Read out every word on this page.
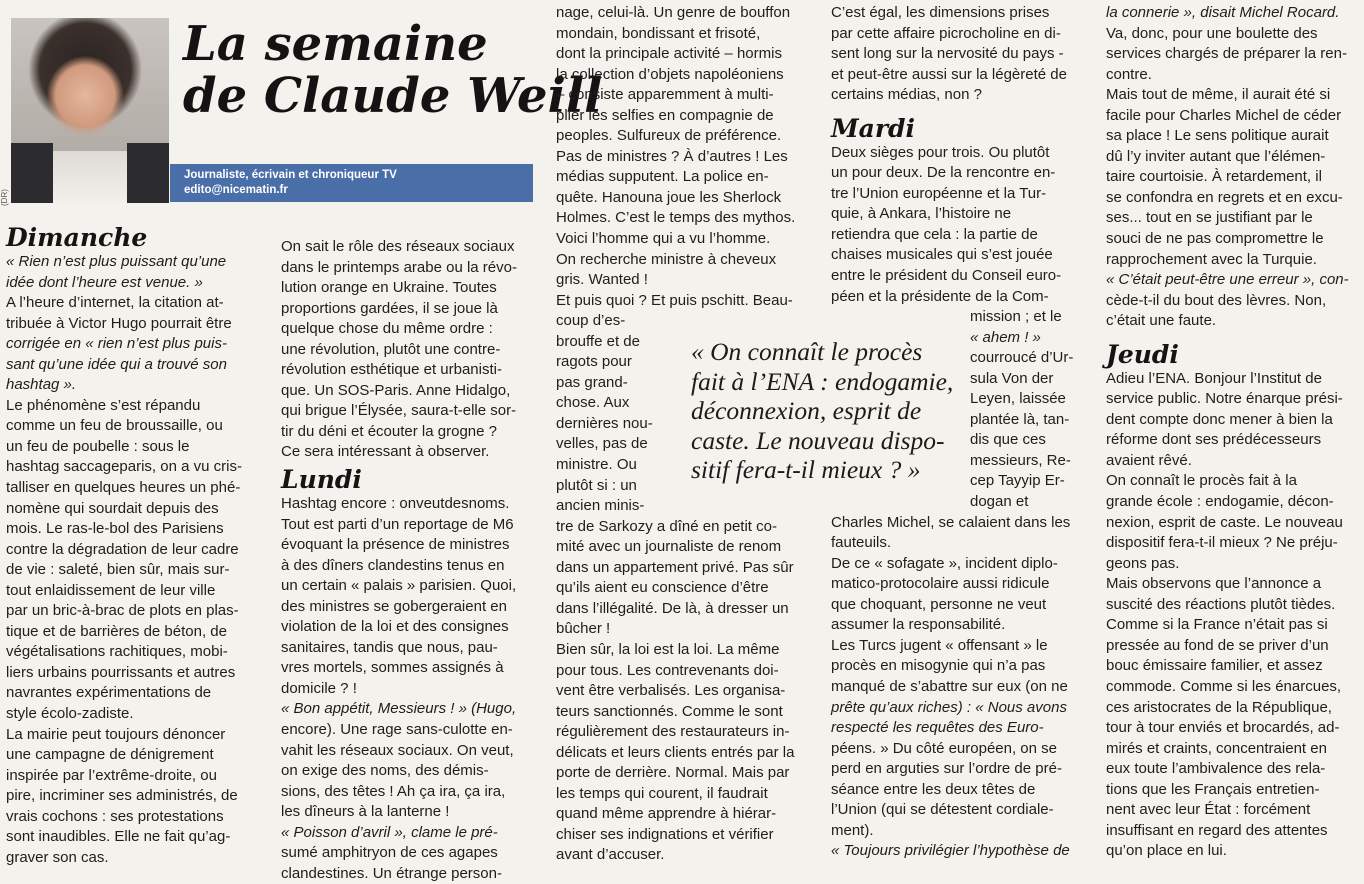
(DR)
La semaine
de Claude Weill
Journaliste, écrivain et chroniqueur TV
edito@nicematin.fr
Dimanche

« Rien n’est plus puissant qu’une

idée dont l’heure est venue. »

A l’heure d’internet, la citation at-

tribuée à Victor Hugo pourrait être

corrigée en « rien n’est plus puis-

sant qu’une idée qui a trouvé son

hashtag ».

Le phénomène s’est répandu

comme un feu de broussaille, ou

un feu de poubelle : sous le

hashtag saccageparis, on a vu cris-

talliser en quelques heures un phé-

nomène qui sourdait depuis des

mois. Le ras-le-bol des Parisiens

contre la dégradation de leur cadre

de vie : saleté, bien sûr, mais sur-

tout enlaidissement de leur ville

par un bric-à-brac de plots en plas-

tique et de barrières de béton, de

végétalisations rachitiques, mobi-

liers urbains pourrissants et autres

navrantes expérimentations de

style écolo-zadiste.

La mairie peut toujours dénoncer

une campagne de dénigrement

inspirée par l’extrême-droite, ou

pire, incriminer ses administrés, de

vrais cochons : ses protestations

sont inaudibles. Elle ne fait qu’ag-

graver son cas.

On sait le rôle des réseaux sociaux

dans le printemps arabe ou la révo-

lution orange en Ukraine. Toutes

proportions gardées, il se joue là

quelque chose du même ordre :

une révolution, plutôt une contre-

révolution esthétique et urbanisti-

que. Un SOS-Paris. Anne Hidalgo,

qui brigue l’Élysée, saura-t-elle sor-

tir du déni et écouter la grogne ?

Ce sera intéressant à observer.

Lundi

Hashtag encore : onveutdesnoms.

Tout est parti d’un reportage de M6

évoquant la présence de ministres

à des dîners clandestins tenus en

un certain « palais » parisien. Quoi,

des ministres se gobergeraient en

violation de la loi et des consignes

sanitaires, tandis que nous, pau-

vres mortels, sommes assignés à

domicile ? !

« Bon appétit, Messieurs ! » (Hugo,

encore). Une rage sans-culotte en-

vahit les réseaux sociaux. On veut,

on exige des noms, des démis-

sions, des têtes ! Ah ça ira, ça ira,

les dîneurs à la lanterne !

« Poisson d’avril », clame le pré-

sumé amphitryon de ces agapes

clandestines. Un étrange person-

nage, celui-là. Un genre de bouffon

mondain, bondissant et frisoté,

dont la principale activité – hormis

la collection d’objets napoléoniens

– consiste apparemment à multi-

plier les selfies en compagnie de

peoples. Sulfureux de préférence.

Pas de ministres ? À d’autres ! Les

médias supputent. La police en-

quête. Hanouna joue les Sherlock

Holmes. C’est le temps des mythos.

Voici l’homme qui a vu l’homme.

On recherche ministre à cheveux

gris. Wanted !

Et puis quoi ? Et puis pschitt. Beau-

coup d’es-

brouffe et de

ragots pour

pas grand-

chose. Aux

dernières nou-

velles, pas de

ministre. Ou

plutôt si : un

ancien minis-

tre de Sarkozy a dîné en petit co-

mité avec un journaliste de renom

dans un appartement privé. Pas sûr

qu’ils aient eu conscience d’être

dans l’illégalité. De là, à dresser un

bûcher !

Bien sûr, la loi est la loi. La même

pour tous. Les contrevenants doi-

vent être verbalisés. Les organisa-

teurs sanctionnés. Comme le sont

régulièrement des restaurateurs in-

délicats et leurs clients entrés par la

porte de derrière. Normal. Mais par

les temps qui courent, il faudrait

quand même apprendre à hiérar-

chiser ses indignations et vérifier

avant d’accuser.

« On connaît le procès

fait à l’ENA : endogamie,

déconnexion, esprit de

caste. Le nouveau dispo-

sitif fera-t-il mieux ? »

C’est égal, les dimensions prises

par cette affaire picrocholine en di-

sent long sur la nervosité du pays -

et peut-être aussi sur la légèreté de

certains médias, non ?

Mardi

Deux sièges pour trois. Ou plutôt

un pour deux. De la rencontre en-

tre l’Union européenne et la Tur-

quie, à Ankara, l’histoire ne

retiendra que cela : la partie de

chaises musicales qui s’est jouée

entre le président du Conseil euro-

péen et la présidente de la Com-

mission ; et le

« ahem ! »

courroucé d’Ur-

sula Von der

Leyen, laissée

plantée là, tan-

dis que ces

messieurs, Re-

cep Tayyip Er-

dogan et

Charles Michel, se calaient dans les

fauteuils.

De ce « sofagate », incident diplo-

matico-protocolaire aussi ridicule

que choquant, personne ne veut

assumer la responsabilité.

Les Turcs jugent « offensant » le

procès en misogynie qui n’a pas

manqué de s’abattre sur eux (on ne

prête qu’aux riches) : « Nous avons

respecté les requêtes des Euro-

péens. » Du côté européen, on se

perd en arguties sur l’ordre de pré-

séance entre les deux têtes de

l’Union (qui se détestent cordiale-

ment).

« Toujours privilégier l’hypothèse de

la connerie », disait Michel Rocard.

Va, donc, pour une boulette des

services chargés de préparer la ren-

contre.

Mais tout de même, il aurait été si

facile pour Charles Michel de céder

sa place ! Le sens politique aurait

dû l’y inviter autant que l’élémen-

taire courtoisie. À retardement, il

se confondra en regrets et en excu-

ses... tout en se justifiant par le

souci de ne pas compromettre le

rapprochement avec la Turquie.

« C’était peut-être une erreur », con-

cède-t-il du bout des lèvres. Non,

c’était une faute.

Jeudi

Adieu l’ENA. Bonjour l’Institut de

service public. Notre énarque prési-

dent compte donc mener à bien la

réforme dont ses prédécesseurs

avaient rêvé.

On connaît le procès fait à la

grande école : endogamie, décon-

nexion, esprit de caste. Le nouveau

dispositif fera-t-il mieux ? Ne préju-

geons pas.

Mais observons que l’annonce a

suscité des réactions plutôt tièdes.

Comme si la France n’était pas si

pressée au fond de se priver d’un

bouc émissaire familier, et assez

commode. Comme si les énarcues,

ces aristocrates de la République,

tour à tour enviés et brocardés, ad-

mirés et craints, concentraient en

eux toute l’ambivalence des rela-

tions que les Français entretien-

nent avec leur État : forcément

insuffisant en regard des attentes

qu’on place en lui.
